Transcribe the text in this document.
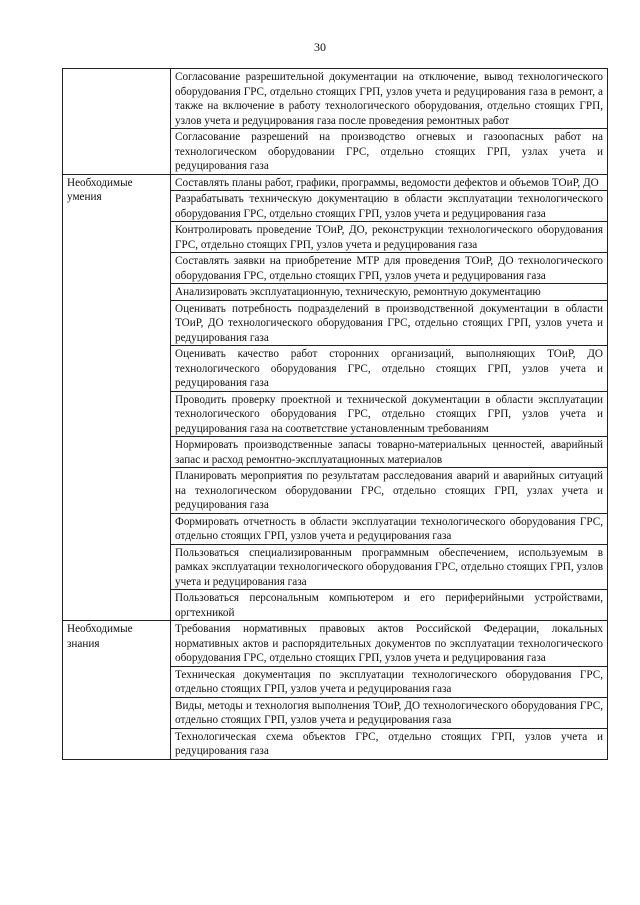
30
	Согласование разрешительной документации на отключение, вывод технологического оборудования ГРС, отдельно стоящих ГРП, узлов учета и редуцирования газа в ремонт, а также на включение в работу технологического оборудования, отдельно стоящих ГРП, узлов учета и редуцирования газа после проведения ремонтных работ
	Согласование разрешений на производство огневых и газоопасных работ на технологическом оборудовании ГРС, отдельно стоящих ГРП, узлах учета и редуцирования газа
Необходимые умения	Составлять планы работ, графики, программы, ведомости дефектов и объемов ТОиР, ДО
	Разрабатывать техническую документацию в области эксплуатации технологического оборудования ГРС, отдельно стоящих ГРП, узлов учета и редуцирования газа
	Контролировать проведение ТОиР, ДО, реконструкции технологического оборудования ГРС, отдельно стоящих ГРП, узлов учета и редуцирования газа
	Составлять заявки на приобретение МТР для проведения ТОиР, ДО технологического оборудования ГРС, отдельно стоящих ГРП, узлов учета и редуцирования газа
	Анализировать эксплуатационную, техническую, ремонтную документацию
	Оценивать потребность подразделений в производственной документации в области ТОиР, ДО технологического оборудования ГРС, отдельно стоящих ГРП, узлов учета и редуцирования газа
	Оценивать качество работ сторонних организаций, выполняющих ТОиР, ДО технологического оборудования ГРС, отдельно стоящих ГРП, узлов учета и редуцирования газа
	Проводить проверку проектной и технической документации в области эксплуатации технологического оборудования ГРС, отдельно стоящих ГРП, узлов учета и редуцирования газа на соответствие установленным требованиям
	Нормировать производственные запасы товарно-материальных ценностей, аварийный запас и расход ремонтно-эксплуатационных материалов
	Планировать мероприятия по результатам расследования аварий и аварийных ситуаций на технологическом оборудовании ГРС, отдельно стоящих ГРП, узлах учета и редуцирования газа
	Формировать отчетность в области эксплуатации технологического оборудования ГРС, отдельно стоящих ГРП, узлов учета и редуцирования газа
	Пользоваться специализированным программным обеспечением, используемым в рамках эксплуатации технологического оборудования ГРС, отдельно стоящих ГРП, узлов учета и редуцирования газа
	Пользоваться персональным компьютером и его периферийными устройствами, оргтехникой
Необходимые знания	Требования нормативных правовых актов Российской Федерации, локальных нормативных актов и распорядительных документов по эксплуатации технологического оборудования ГРС, отдельно стоящих ГРП, узлов учета и редуцирования газа
	Техническая документация по эксплуатации технологического оборудования ГРС, отдельно стоящих ГРП, узлов учета и редуцирования газа
	Виды, методы и технология выполнения ТОиР, ДО технологического оборудования ГРС, отдельно стоящих ГРП, узлов учета и редуцирования газа
	Технологическая схема объектов ГРС, отдельно стоящих ГРП, узлов учета и редуцирования газа
